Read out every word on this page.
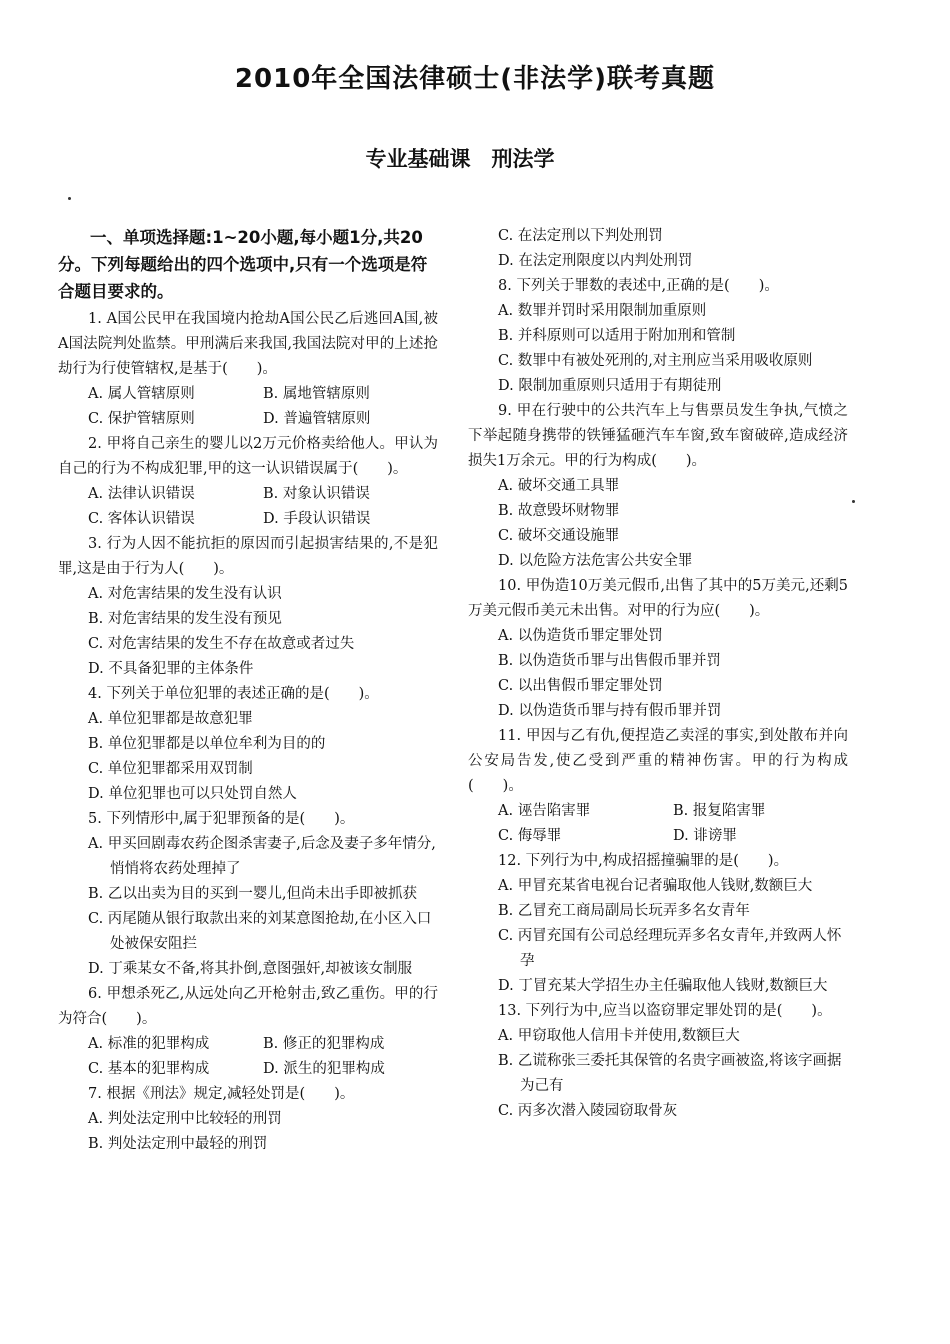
2010年全国法律硕士(非法学)联考真题
专业基础课　刑法学
一、单项选择题:1~20小题,每小题1分,共20分。下列每题给出的四个选项中,只有一个选项是符合题目要求的。

1. A国公民甲在我国境内抢劫A国公民乙后逃回A国,被A国法院判处监禁。甲刑满后来我国,我国法院对甲的上述抢劫行为行使管辖权,是基于(　　)。

A. 属人管辖原则	B. 属地管辖原则
C. 保护管辖原则	D. 普遍管辖原则

2. 甲将自己亲生的婴儿以2万元价格卖给他人。甲认为自己的行为不构成犯罪,甲的这一认识错误属于(　　)。

A. 法律认识错误	B. 对象认识错误
C. 客体认识错误	D. 手段认识错误

3. 行为人因不能抗拒的原因而引起损害结果的,不是犯罪,这是由于行为人(　　)。

A. 对危害结果的发生没有认识

B. 对危害结果的发生没有预见

C. 对危害结果的发生不存在故意或者过失

D. 不具备犯罪的主体条件

4. 下列关于单位犯罪的表述正确的是(　　)。

A. 单位犯罪都是故意犯罪

B. 单位犯罪都是以单位牟利为目的的

C. 单位犯罪都采用双罚制

D. 单位犯罪也可以只处罚自然人

5. 下列情形中,属于犯罪预备的是(　　)。

A. 甲买回剧毒农药企图杀害妻子,后念及妻子多年情分,悄悄将农药处理掉了

B. 乙以出卖为目的买到一婴儿,但尚未出手即被抓获

C. 丙尾随从银行取款出来的刘某意图抢劫,在小区入口处被保安阻拦

D. 丁乘某女不备,将其扑倒,意图强奸,却被该女制服

6. 甲想杀死乙,从远处向乙开枪射击,致乙重伤。甲的行为符合(　　)。

A. 标准的犯罪构成	B. 修正的犯罪构成
C. 基本的犯罪构成	D. 派生的犯罪构成

7. 根据《刑法》规定,减轻处罚是(　　)。

A. 判处法定刑中比较轻的刑罚

B. 判处法定刑中最轻的刑罚

C. 在法定刑以下判处刑罚

D. 在法定刑限度以内判处刑罚

8. 下列关于罪数的表述中,正确的是(　　)。

A. 数罪并罚时采用限制加重原则

B. 并科原则可以适用于附加刑和管制

C. 数罪中有被处死刑的,对主刑应当采用吸收原则

D. 限制加重原则只适用于有期徒刑

9. 甲在行驶中的公共汽车上与售票员发生争执,气愤之下举起随身携带的铁锤猛砸汽车车窗,致车窗破碎,造成经济损失1万余元。甲的行为构成(　　)。

A. 破坏交通工具罪

B. 故意毁坏财物罪

C. 破坏交通设施罪

D. 以危险方法危害公共安全罪

10. 甲伪造10万美元假币,出售了其中的5万美元,还剩5万美元假币美元未出售。对甲的行为应(　　)。

A. 以伪造货币罪定罪处罚

B. 以伪造货币罪与出售假币罪并罚

C. 以出售假币罪定罪处罚

D. 以伪造货币罪与持有假币罪并罚

11. 甲因与乙有仇,便捏造乙卖淫的事实,到处散布并向公安局告发,使乙受到严重的精神伤害。甲的行为构成(　　)。

A. 诬告陷害罪	B. 报复陷害罪
C. 侮辱罪	D. 诽谤罪

12. 下列行为中,构成招摇撞骗罪的是(　　)。

A. 甲冒充某省电视台记者骗取他人钱财,数额巨大

B. 乙冒充工商局副局长玩弄多名女青年

C. 丙冒充国有公司总经理玩弄多名女青年,并致两人怀孕

D. 丁冒充某大学招生办主任骗取他人钱财,数额巨大

13. 下列行为中,应当以盗窃罪定罪处罚的是(　　)。

A. 甲窃取他人信用卡并使用,数额巨大

B. 乙谎称张三委托其保管的名贵字画被盗,将该字画据为己有

C. 丙多次潜入陵园窃取骨灰
